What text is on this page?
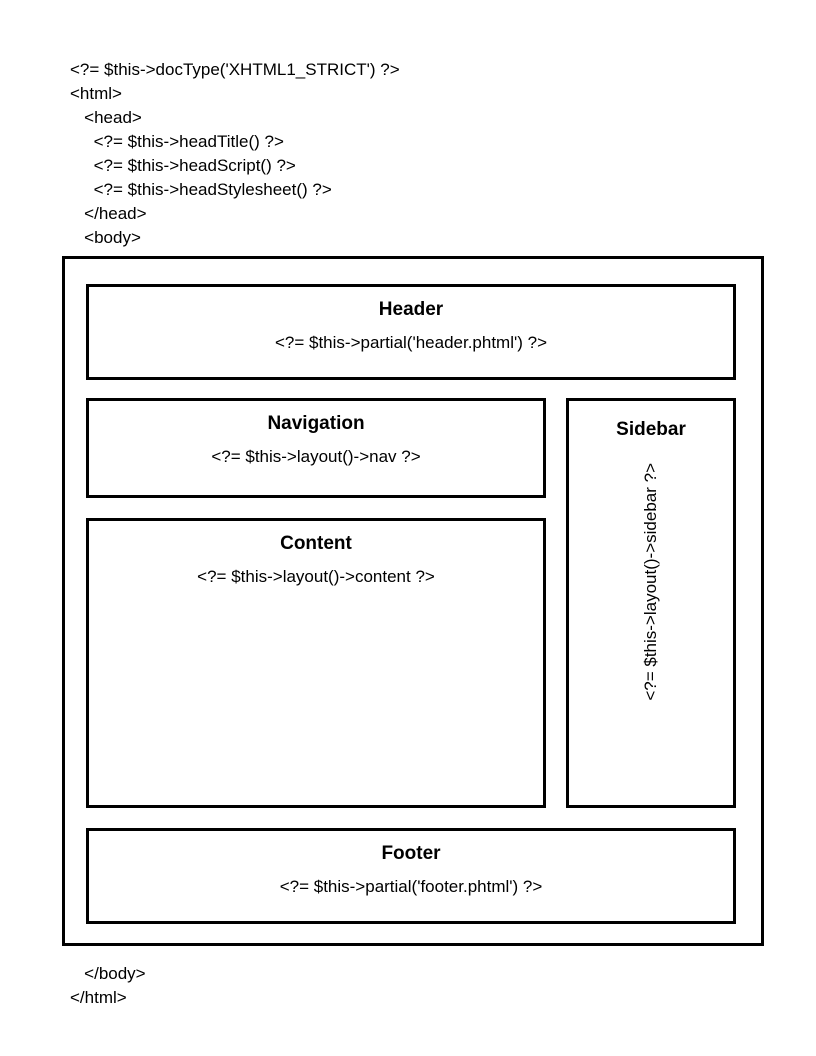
<?= $this->docType('XHTML1_STRICT') ?>
<html>
<head>
<?= $this->headTitle() ?>
<?= $this->headScript() ?>
<?= $this->headStylesheet() ?>
</head>
<body>
Header
<?= $this->partial('header.phtml') ?>
Navigation
<?= $this->layout()->nav ?>
Content
<?= $this->layout()->content ?>
Sidebar
<?= $this->layout()->sidebar ?>
Footer
<?= $this->partial('footer.phtml') ?>
</body>
</html>
